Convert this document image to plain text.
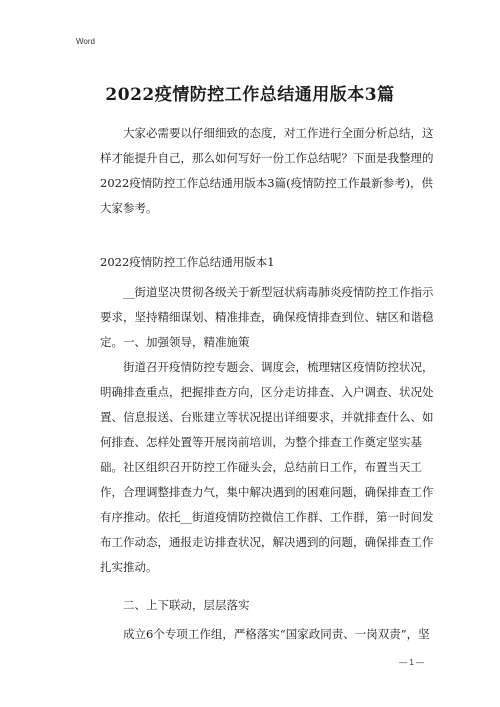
Word
2022疫情防控工作总结通用版本3篇
大家必需要以仔细细致的态度，对工作进行全面分析总结，这
样才能提升自己，那么如何写好一份工作总结呢？下面是我整理的
2022疫情防控工作总结通用版本3篇(疫情防控工作最新参考)，供
大家参考。
2022疫情防控工作总结通用版本1
__街道坚决贯彻各级关于新型冠状病毒肺炎疫情防控工作指示
要求，坚持精细谋划、精准排查，确保疫情排查到位、辖区和谐稳
定。一、加强领导，精准施策
街道召开疫情防控专题会、调度会，梳理辖区疫情防控状况，
明确排查重点，把握排查方向，区分走访排查、入户调查、状况处
置、信息报送、台账建立等状况提出详细要求，并就排查什么、如
何排查、怎样处置等开展岗前培训，为整个排查工作奠定坚实基
础。社区组织召开防控工作碰头会，总结前日工作，布置当天工
作，合理调整排查力气，集中解决遇到的困难问题，确保排查工作
有序推动。依托__街道疫情防控微信工作群、工作群，第一时间发
布工作动态，通报走访排查状况，解决遇到的问题，确保排查工作
扎实推动。
二、上下联动，层层落实
成立6个专项工作组，严格落实“国家政同责、一岗双责”，坚
— 1 —
